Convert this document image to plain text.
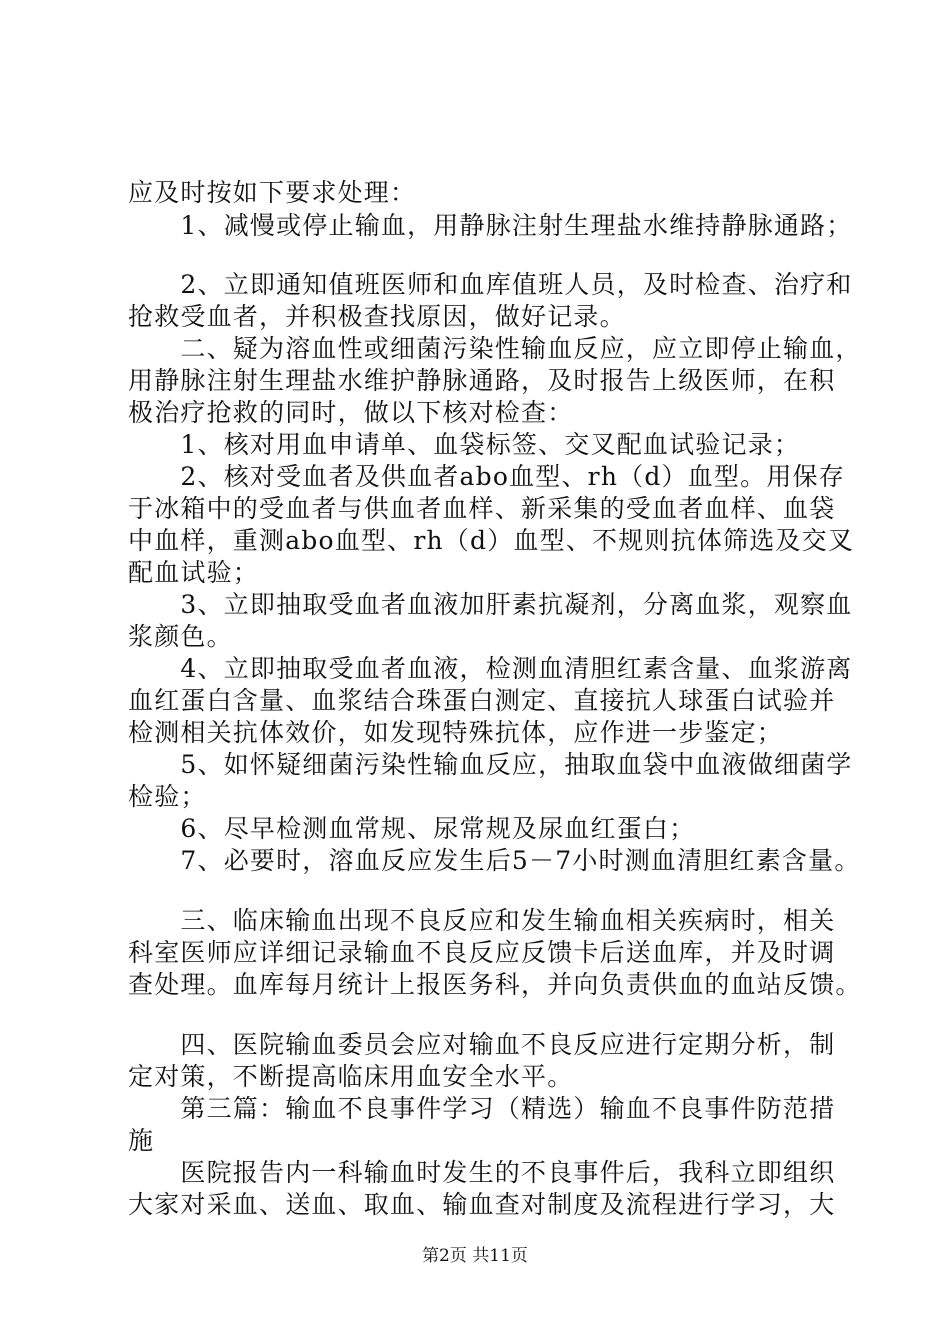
应及时按如下要求处理：
　　1、减慢或停止输血，用静脉注射生理盐水维持静脉通路；
　　2、立即通知值班医师和血库值班人员，及时检查、治疗和
抢救受血者，并积极查找原因，做好记录。
　　二、疑为溶血性或细菌污染性输血反应，应立即停止输血，
用静脉注射生理盐水维护静脉通路，及时报告上级医师，在积
极治疗抢救的同时，做以下核对检查：
　　1、核对用血申请单、血袋标签、交叉配血试验记录；
　　2、核对受血者及供血者abo血型、rh（d）血型。用保存
于冰箱中的受血者与供血者血样、新采集的受血者血样、血袋
中血样，重测abo血型、rh（d）血型、不规则抗体筛选及交叉
配血试验；
　　3、立即抽取受血者血液加肝素抗凝剂，分离血浆，观察血
浆颜色。
　　4、立即抽取受血者血液，检测血清胆红素含量、血浆游离
血红蛋白含量、血浆结合珠蛋白测定、直接抗人球蛋白试验并
检测相关抗体效价，如发现特殊抗体，应作进一步鉴定；
　　5、如怀疑细菌污染性输血反应，抽取血袋中血液做细菌学
检验；
　　6、尽早检测血常规、尿常规及尿血红蛋白；
　　7、必要时，溶血反应发生后5－7小时测血清胆红素含量。
　　三、临床输血出现不良反应和发生输血相关疾病时，相关
科室医师应详细记录输血不良反应反馈卡后送血库，并及时调
查处理。血库每月统计上报医务科，并向负责供血的血站反馈。
　　四、医院输血委员会应对输血不良反应进行定期分析，制
定对策，不断提高临床用血安全水平。
　　第三篇：输血不良事件学习（精选）输血不良事件防范措
施
　　医院报告内一科输血时发生的不良事件后，我科立即组织
大家对采血、送血、取血、输血查对制度及流程进行学习，大
第2页 共11页
